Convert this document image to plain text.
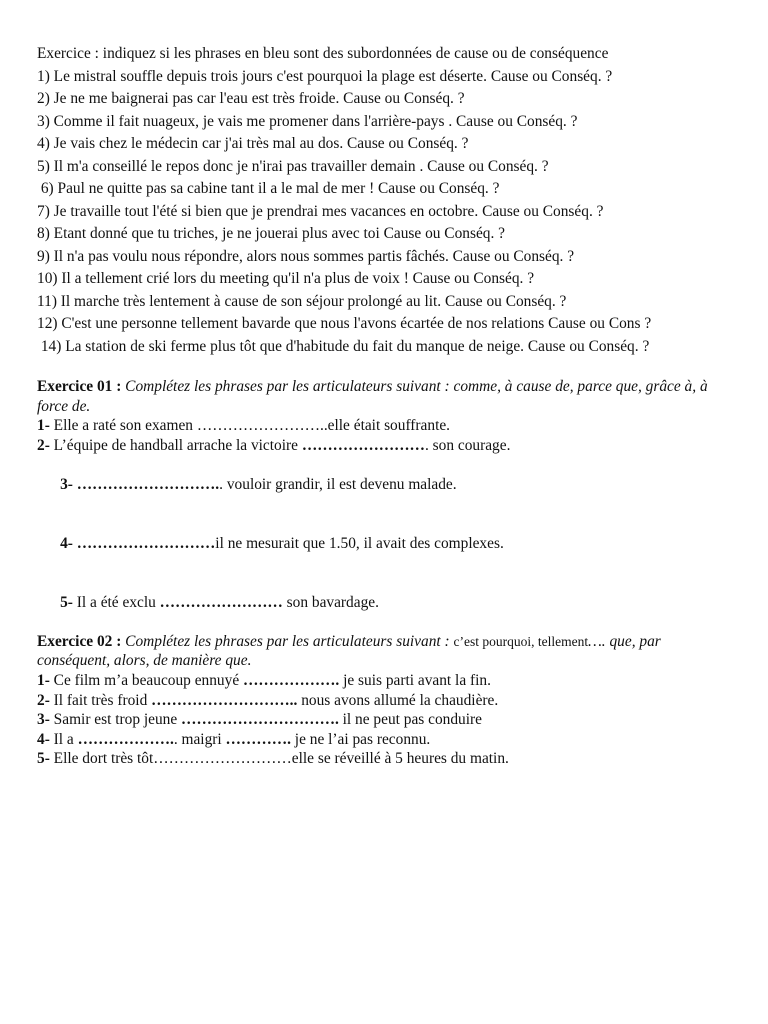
Exercice : indiquez si les phrases en bleu sont des subordonnées de cause ou de conséquence
1) Le mistral souffle depuis trois jours c'est pourquoi la plage est déserte. Cause ou Conséq. ?
2) Je ne me baignerai pas car l'eau est très froide. Cause ou Conséq. ?
3) Comme il fait nuageux, je vais me promener dans l'arrière-pays . Cause ou Conséq. ?
4) Je vais chez le médecin car j'ai très mal au dos. Cause ou Conséq. ?
5) Il m'a conseillé le repos donc je n'irai pas travailler demain . Cause ou Conséq. ?
6) Paul ne quitte pas sa cabine tant il a le mal de mer ! Cause ou Conséq. ?
7) Je travaille tout l'été si bien que je prendrai mes vacances en octobre. Cause ou Conséq. ?
8) Etant donné que tu triches, je ne jouerai plus avec toi Cause ou Conséq. ?
9) Il n'a pas voulu nous répondre, alors nous sommes partis fâchés. Cause ou Conséq. ?
10) Il a tellement crié lors du meeting qu'il n'a plus de voix ! Cause ou Conséq. ?
11) Il marche très lentement à cause de son séjour prolongé au lit. Cause ou Conséq. ?
12) C'est une personne tellement bavarde que nous l'avons écartée de nos relations Cause ou Cons ?
14) La station de ski ferme plus tôt que d'habitude du fait du manque de neige. Cause ou Conséq. ?
Exercice 01 : Complétez les phrases par les articulateurs suivant : comme, à cause de, parce que, grâce à, à force de.
1- Elle a raté son examen ……………………..elle était souffrante.
2- L’équipe de handball arrache la victoire ……………………. son courage.

3- ……………………….. vouloir grandir, il est devenu malade.

4- ………………………il ne mesurait que 1.50, il avait des complexes.

5- Il a été exclu …………………… son bavardage.

Exercice 02 : Complétez les phrases par les articulateurs suivant : c’est pourquoi, tellement…. que, par conséquent, alors, de manière que.
1- Ce film m’a beaucoup ennuyé ………………. je suis parti avant la fin.
2- Il fait très froid ……………………….. nous avons allumé la chaudière.
3- Samir est trop jeune …………………………. il ne peut pas conduire
4- Il a ……………….. maigri …………. je ne l’ai pas reconnu.
5- Elle dort très tôt………………………elle se réveillé à 5 heures du matin.
